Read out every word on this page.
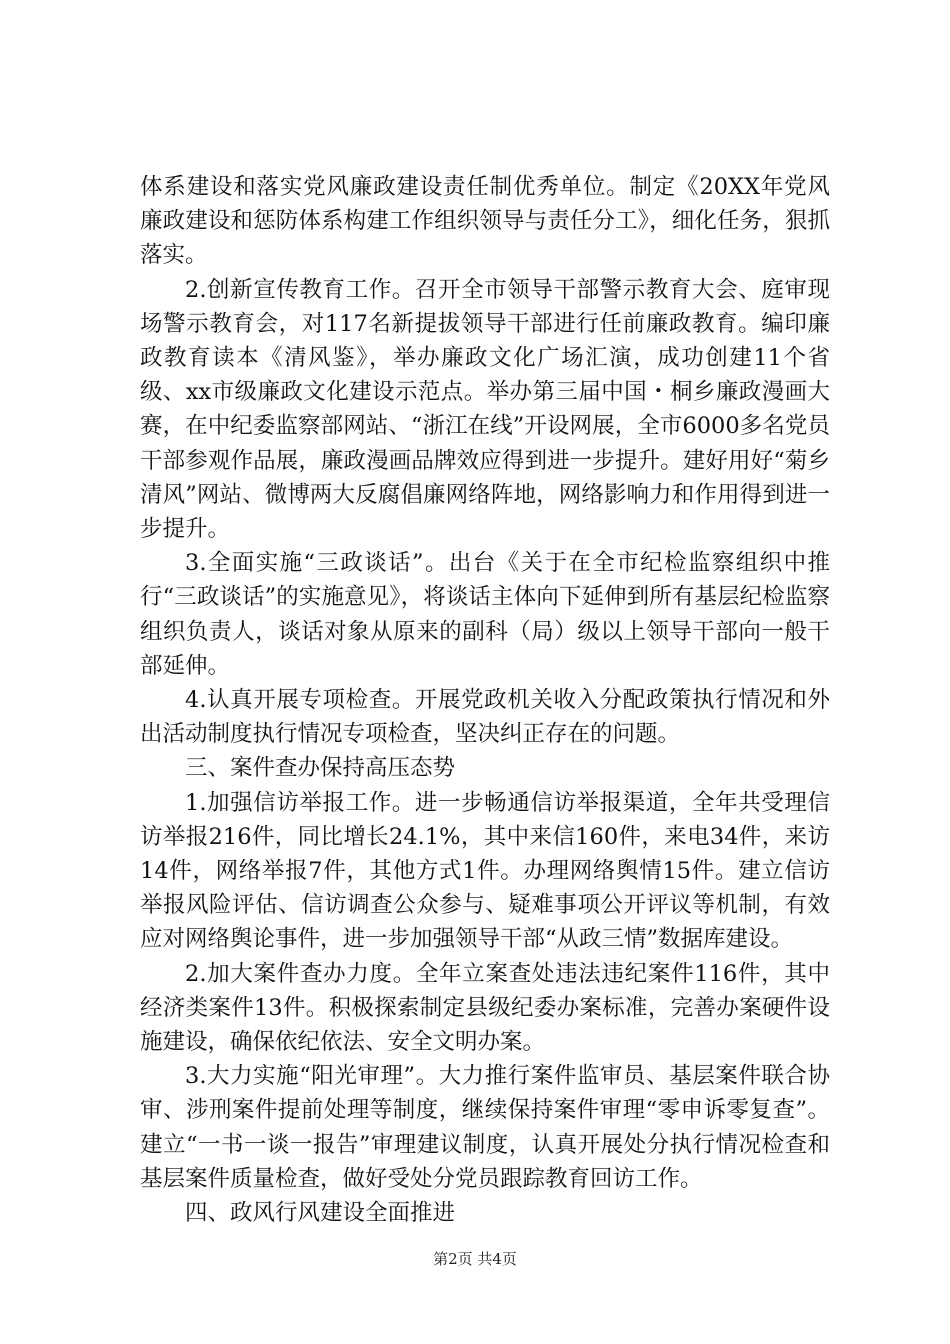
体系建设和落实党风廉政建设责任制优秀单位。制定《20XX年党风廉政建设和惩防体系构建工作组织领导与责任分工》，细化任务，狠抓落实。

2.创新宣传教育工作。召开全市领导干部警示教育大会、庭审现场警示教育会，对117名新提拔领导干部进行任前廉政教育。编印廉政教育读本《清风鉴》，举办廉政文化广场汇演，成功创建11个省级、xx市级廉政文化建设示范点。举办第三届中国・桐乡廉政漫画大赛，在中纪委监察部网站、“浙江在线”开设网展，全市6000多名党员干部参观作品展，廉政漫画品牌效应得到进一步提升。建好用好“菊乡清风”网站、微博两大反腐倡廉网络阵地，网络影响力和作用得到进一步提升。

3.全面实施“三政谈话”。出台《关于在全市纪检监察组织中推行“三政谈话”的实施意见》，将谈话主体向下延伸到所有基层纪检监察组织负责人，谈话对象从原来的副科（局）级以上领导干部向一般干部延伸。

4.认真开展专项检查。开展党政机关收入分配政策执行情况和外出活动制度执行情况专项检查，坚决纠正存在的问题。

三、案件查办保持高压态势

1.加强信访举报工作。进一步畅通信访举报渠道，全年共受理信访举报216件，同比增长24.1%，其中来信160件，来电34件，来访14件，网络举报7件，其他方式1件。办理网络舆情15件。建立信访举报风险评估、信访调查公众参与、疑难事项公开评议等机制，有效应对网络舆论事件，进一步加强领导干部“从政三情”数据库建设。

2.加大案件查办力度。全年立案查处违法违纪案件116件，其中经济类案件13件。积极探索制定县级纪委办案标准，完善办案硬件设施建设，确保依纪依法、安全文明办案。

3.大力实施“阳光审理”。大力推行案件监审员、基层案件联合协审、涉刑案件提前处理等制度，继续保持案件审理“零申诉零复查”。建立“一书一谈一报告”审理建议制度，认真开展处分执行情况检查和基层案件质量检查，做好受处分党员跟踪教育回访工作。

四、政风行风建设全面推进

第2页 共4页
